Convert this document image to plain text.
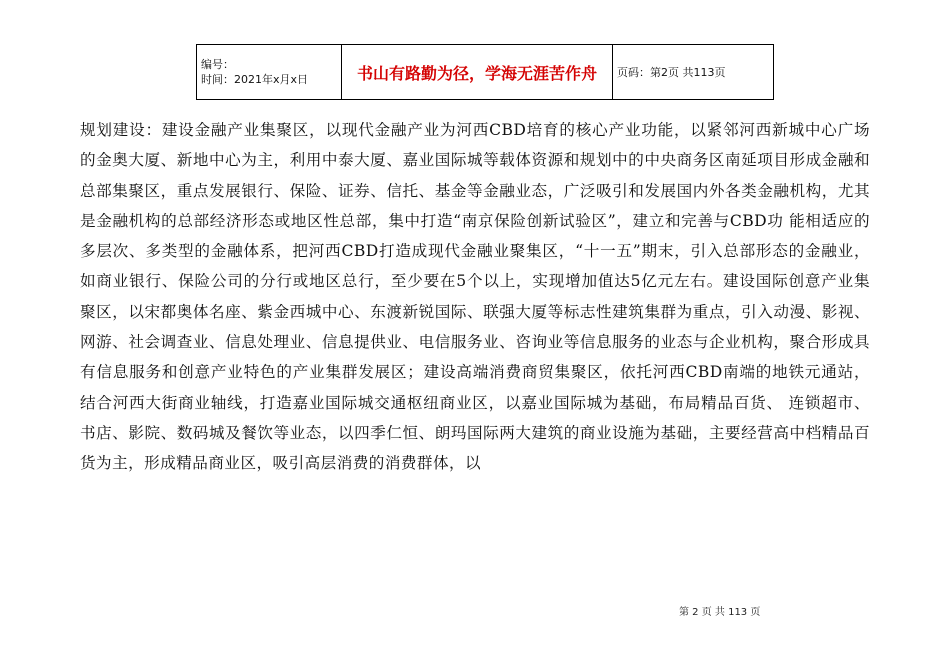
编号：
时间：2021年x月x日	书山有路勤为径，学海无涯苦作舟	页码：第2页 共113页

规划建设：建设金融产业集聚区，以现代金融产业为河西CBD培育的核心产业功能，以紧邻河西新城中心广场的金奥大厦、新地中心为主，利用中泰大厦、嘉业国际城等载体资源和规划中的中央商务区南延项目形成金融和总部集聚区，重点发展银行、保险、证券、信托、基金等金融业态，广泛吸引和发展国内外各类金融机构，尤其是金融机构的总部经济形态或地区性总部，集中打造“南京保险创新试验区”，建立和完善与CBD功 能相适应的多层次、多类型的金融体系，把河西CBD打造成现代金融业聚集区，“十一五”期末，引入总部形态的金融业，如商业银行、保险公司的分行或地区总行，至少要在5个以上，实现增加值达5亿元左右。建设国际创意产业集聚区，以宋都奥体名座、紫金西城中心、东渡新锐国际、联强大厦等标志性建筑集群为重点，引入动漫、影视、网游、社会调查业、信息处理业、信息提供业、电信服务业、咨询业等信息服务的业态与企业机构，聚合形成具有信息服务和创意产业特色的产业集群发展区；建设高端消费商贸集聚区，依托河西CBD南端的地铁元通站，结合河西大街商业轴线，打造嘉业国际城交通枢纽商业区，以嘉业国际城为基础，布局精品百货、 连锁超市、书店、影院、数码城及餐饮等业态，以四季仁恒、朗玛国际两大建筑的商业设施为基础，主要经营高中档精品百货为主，形成精品商业区，吸引高层消费的消费群体，以

第 2 页 共 113 页
